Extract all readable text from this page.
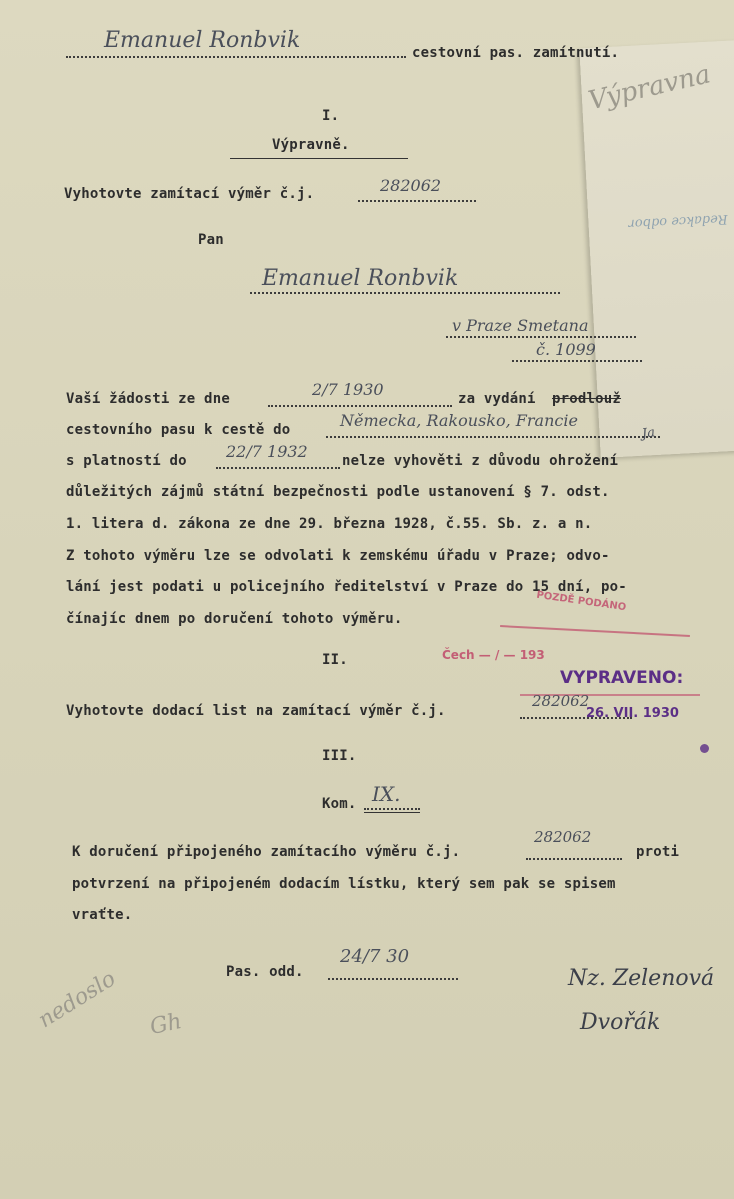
Výpravna
Redakce odbor
Emanuel Ronbvik	cestovní pas. zamítnutí.
I.
Výpravně.
Vyhotovte zamítací výměr č.j.	282062
Pan
Emanuel Ronbvik
v Praze Smetana
č. 1099
Vaší žádosti ze dne	2/7 1930	za vydání prodlouž
cestovního pasu k cestě do	Německa, Rakousko, Francie
s platností do 22/7 1932 nelze vyhověti z důvodu ohrožení
Ja
důležitých zájmů státní bezpečnosti podle ustanovení § 7. odst.
1. litera d. zákona ze dne 29. března 1928, č.55. Sb. z. a n.
Z tohoto výměru lze se odvolati k zemskému úřadu v Praze; odvo-
lání jest podati u policejního ředitelství v Praze do 15 dní, po-
čínajíc dnem po doručení tohoto výměru.
POZDĚ PODÁNO
Čech — / — 193
VYPRAVENO:
26. VII. 1930
II.
Vyhotovte dodací list na zamítací výměr č.j.
282062
III.
Kom. IX.
K doručení připojeného zamítacího výměru č.j.
282062
proti
potvrzení na připojeném dodacím lístku, který sem pak se spisem
vraťte.
Pas. odd.
24/7 30
Nz. Zelenová
Dvořák
nedoslo Gh
